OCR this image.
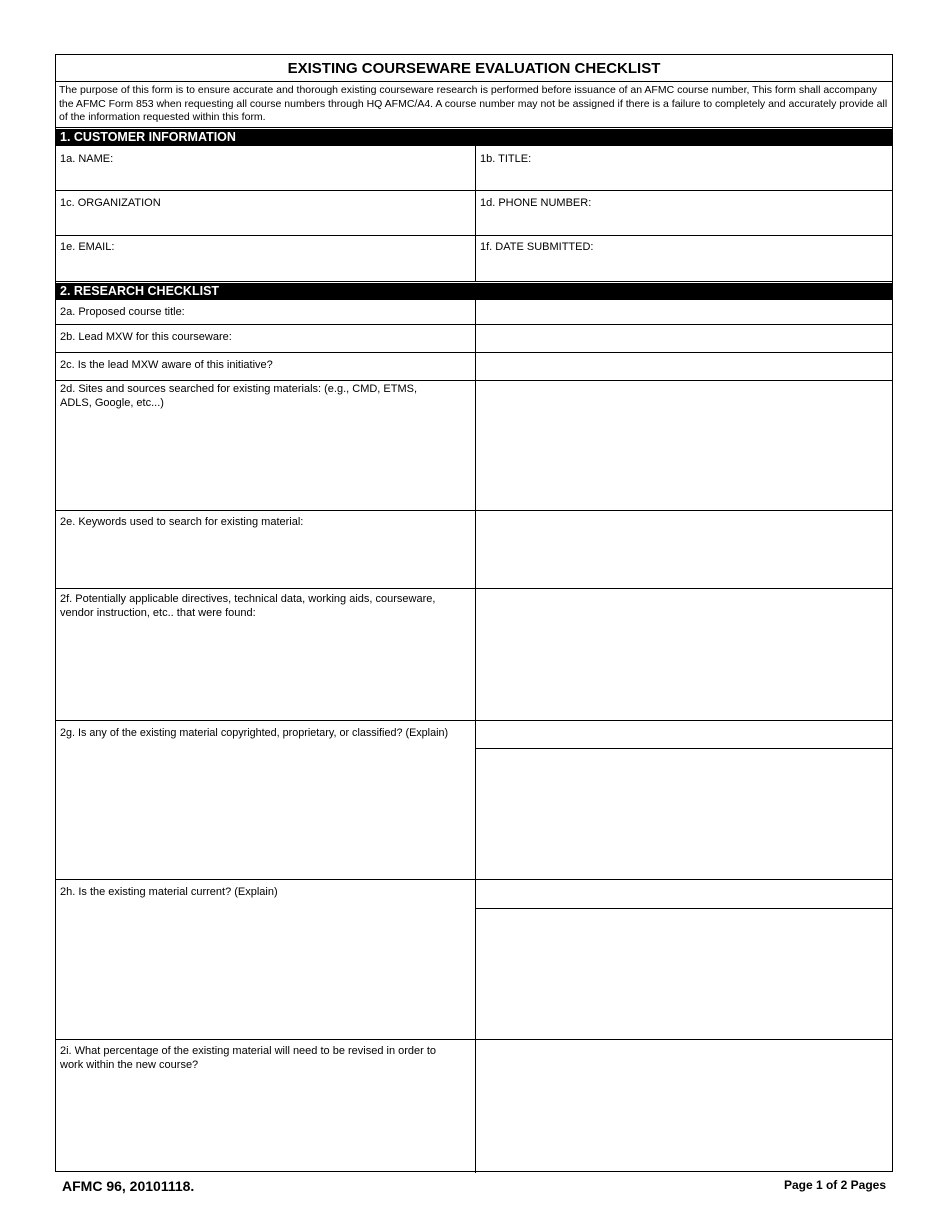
EXISTING COURSEWARE EVALUATION CHECKLIST
The purpose of this form is to ensure accurate and thorough existing courseware research is performed before issuance of an AFMC course number, This form shall accompany the AFMC Form 853 when requesting all course numbers through HQ AFMC/A4. A course number may not be assigned if there is a failure to completely and accurately provide all of the information requested within this form.
1. CUSTOMER INFORMATION
1a. NAME:	1b. TITLE:
1c. ORGANIZATION	1d. PHONE NUMBER:
1e. EMAIL:	1f. DATE SUBMITTED:
2. RESEARCH CHECKLIST
2a. Proposed course title:
2b. Lead MXW for this courseware:
2c. Is the lead MXW aware of this initiative?
2d. Sites and sources searched for existing materials: (e.g., CMD, ETMS, ADLS, Google, etc...)
2e. Keywords used to search for existing material:
2f. Potentially applicable directives, technical data, working aids, courseware, vendor instruction, etc.. that were found:
2g. Is any of the existing material copyrighted, proprietary, or classified? (Explain)
2h. Is the existing material current? (Explain)
2i. What percentage of the existing material will need to be revised in order to work within the new course?
AFMC 96, 20101118.	Page 1 of 2 Pages
